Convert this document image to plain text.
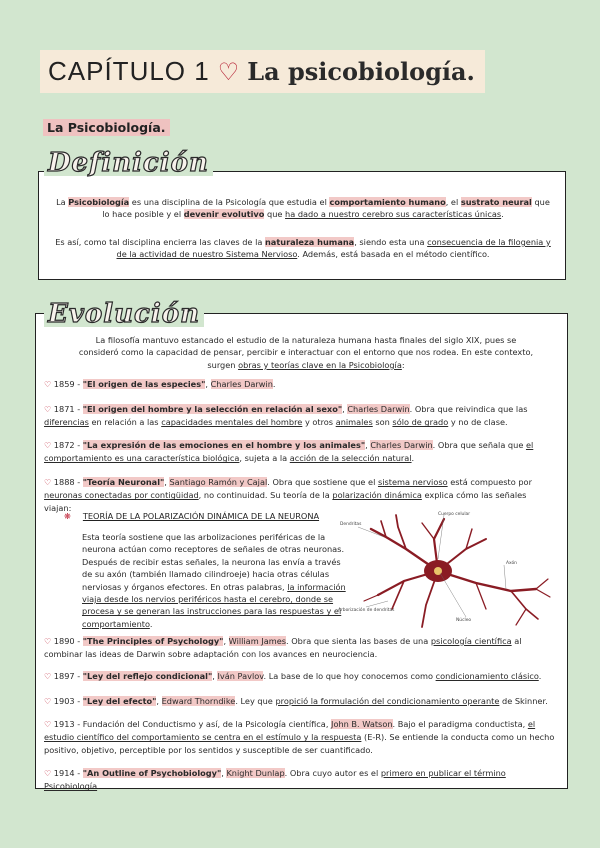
CAPÍTULO 1 ♡ La psicobiología.
La Psicobiología.
La Psicobiología es una disciplina de la Psicología que estudia el comportamiento humano, el sustrato neural que lo hace posible y el devenir evolutivo que ha dado a nuestro cerebro sus características únicas.
Es así, como tal disciplina encierra las claves de la naturaleza humana, siendo esta una consecuencia de la filogenia y de la actividad de nuestro Sistema Nervioso. Además, está basada en el método científico.
Definición
La filosofía mantuvo estancado el estudio de la naturaleza humana hasta finales del siglo XIX, pues se consideró como la capacidad de pensar, percibir e interactuar con el entorno que nos rodea. En este contexto, surgen obras y teorías clave en la Psicobiología:
♡ 1859 - "El origen de las especies", Charles Darwin.
♡ 1871 - "El origen del hombre y la selección en relación al sexo", Charles Darwin. Obra que reivindica que las diferencias en relación a las capacidades mentales del hombre y otros animales son sólo de grado y no de clase.
♡ 1872 - "La expresión de las emociones en el hombre y los animales", Charles Darwin. Obra que señala que el comportamiento es una característica biológica, sujeta a la acción de la selección natural.
♡ 1888 - "Teoría Neuronal", Santiago Ramón y Cajal. Obra que sostiene que el sistema nervioso está compuesto por neuronas conectadas por contigüidad, no continuidad. Su teoría de la polarización dinámica explica cómo las señales viajan:
❋ TEORÍA DE LA POLARIZACIÓN DINÁMICA DE LA NEURONA
Esta teoría sostiene que las arbolizaciones periféricas de la neurona actúan como receptores de señales de otras neuronas. Después de recibir estas señales, la neurona las envía a través de su axón (también llamado cilindroeje) hacia otras células nerviosas y órganos efectores. En otras palabras, la información viaja desde los nervios periféricos hasta el cerebro, donde se procesa y se generan las instrucciones para las respuestas y el comportamiento.
Dendritas
Cuerpo celular
Axón
Arborización de dendritas
Núcleo
♡ 1890 - "The Principles of Psychology", William James. Obra que sienta las bases de una psicología científica al combinar las ideas de Darwin sobre adaptación con los avances en neurociencia.
♡ 1897 - "Ley del reflejo condicional", Iván Pavlov. La base de lo que hoy conocemos como condicionamiento clásico.
♡ 1903 - "Ley del efecto", Edward Thorndike. Ley que propició la formulación del condicionamiento operante de Skinner.
♡ 1913 - Fundación del Conductismo y así, de la Psicología científica, John B. Watson. Bajo el paradigma conductista, el estudio científico del comportamiento se centra en el estímulo y la respuesta (E-R). Se entiende la conducta como un hecho positivo, objetivo, perceptible por los sentidos y susceptible de ser cuantificado.
♡ 1914 - "An Outline of Psychobiology", Knight Dunlap. Obra cuyo autor es el primero en publicar el término Psicobiología.
Evolución
